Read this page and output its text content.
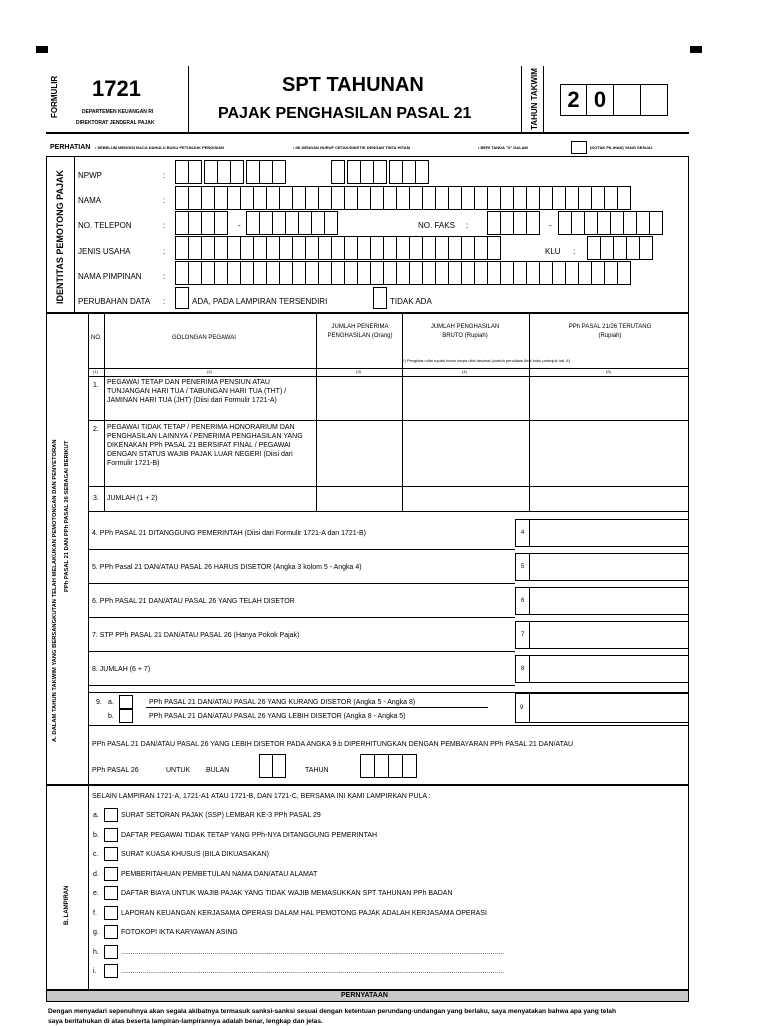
FORMULIR 1721
DEPARTEMEN KEUANGAN RI
DIREKTORAT JENDERAL PAJAK
SPT TAHUNAN
PAJAK PENGHASILAN PASAL 21	TAHUN TAKWIM	2 0
PERHATIAN • SEBELUM MENGISI BACA DAHULU BUKU PETUNJUK PENGISIAN	• ISI DENGAN HURUF CETAK/DIKETIK DENGAN TINTA HITAM	• BERI TANDA "X" DALAM	(KOTAK PILIHAN) YANG SESUAI
IDENTITAS PEMOTONG PAJAK NPWP	:
NAMA	:
NO. TELEPON	:	-	NO. FAKS :	-
JENIS USAHA	:	KLU :
NAMA PIMPINAN	:
PERUBAHAN DATA :	ADA, PADA LAMPIRAN TERSENDIRI	TIDAK ADA
A. DALAM TAHUN TAKWIM YANG BERSANGKUTAN TELAH MELAKUKAN PEMOTONGAN DAN PENYETORAN PPh PASAL 21 DAN PPh PASAL 26 SEBAGAI BERIKUT
NO.	GOLONGAN PEGAWAI
JUMLAH PENERIMA PENGHASILAN (Orang)
JUMLAH PENGHASILAN BRUTO (Rupiah)
PPh PASAL 21/26 TERUTANG (Rupiah)
*) Pengisian nilai rupiah harus tanpa nilai desimal (contoh penulisan lihat buku petunjuk hal. 6)
(1)	(2)	(3)	(4)	(5)
1. PEGAWAI TETAP DAN PENERIMA PENSIUN ATAU TUNJANGAN HARI TUA / TABUNGAN HARI TUA (THT) / JAMINAN HARI TUA (JHT) (Diisi dari Formulir 1721-A)
2. PEGAWAI TIDAK TETAP / PENERIMA HONORARIUM DAN PENGHASILAN LAINNYA / PENERIMA PENGHASILAN YANG DIKENAKAN PPh PASAL 21 BERSIFAT FINAL / PEGAWAI DENGAN STATUS WAJIB PAJAK LUAR NEGERI (Diisi dari Formulir 1721-B)
3. JUMLAH (1 + 2)
4. PPh PASAL 21 DITANGGUNG PEMERINTAH (Diisi dari Formulir 1721-A dan 1721-B)	4
5. PPh Pasal 21 DAN/ATAU PASAL 26 HARUS DISETOR (Angka 3 kolom 5 - Angka 4)	5
6. PPh PASAL 21 DAN/ATAU PASAL 26 YANG TELAH DISETOR	6
7. STP PPh PASAL 21 DAN/ATAU PASAL 26 (Hanya Pokok Pajak)	7
8. JUMLAH (6 + 7)	8
9. a.	PPh PASAL 21 DAN/ATAU PASAL 26 YANG KURANG DISETOR (Angka 5 - Angka 8)
b.	PPh PASAL 21 DAN/ATAU PASAL 26 YANG LEBIH DISETOR (Angka 8 - Angka 5)
9
PPh PASAL 21 DAN/ATAU PASAL 26 YANG LEBIH DISETOR PADA ANGKA 9.b DIPERHITUNGKAN DENGAN PEMBAYARAN PPh PASAL 21 DAN/ATAU
PPh PASAL 26	UNTUK BULAN	TAHUN
B. LAMPIRAN
SELAIN LAMPIRAN 1721-A, 1721-A1 ATAU 1721-B, DAN 1721-C, BERSAMA INI KAMI LAMPIRKAN PULA :
a.	SURAT SETORAN PAJAK (SSP) LEMBAR KE-3 PPh PASAL 29
b.	DAFTAR PEGAWAI TIDAK TETAP YANG PPh-NYA DITANGGUNG PEMERINTAH
c.	SURAT KUASA KHUSUS (BILA DIKUASAKAN)
d.	PEMBERITAHUAN PEMBETULAN NAMA DAN/ATAU ALAMAT
e.	DAFTAR BIAYA UNTUK WAJIB PAJAK YANG TIDAK WAJIB MEMASUKKAN SPT TAHUNAN PPh BADAN
f.	LAPORAN KEUANGAN KERJASAMA OPERASI DALAM HAL PEMOTONG PAJAK ADALAH KERJASAMA OPERASI
g.	FOTOKOPI IKTA KARYAWAN ASING
h.	.....................................................................................................................................................................................................
i.	.....................................................................................................................................................................................................
PERNYATAAN
Dengan menyadari sepenuhnya akan segala akibatnya termasuk sanksi-sanksi sesuai dengan ketentuan perundang-undangan yang berlaku, saya menyatakan bahwa apa yang telah
saya beritahukan di atas beserta lampiran-lampirannya adalah benar, lengkap dan jelas.
